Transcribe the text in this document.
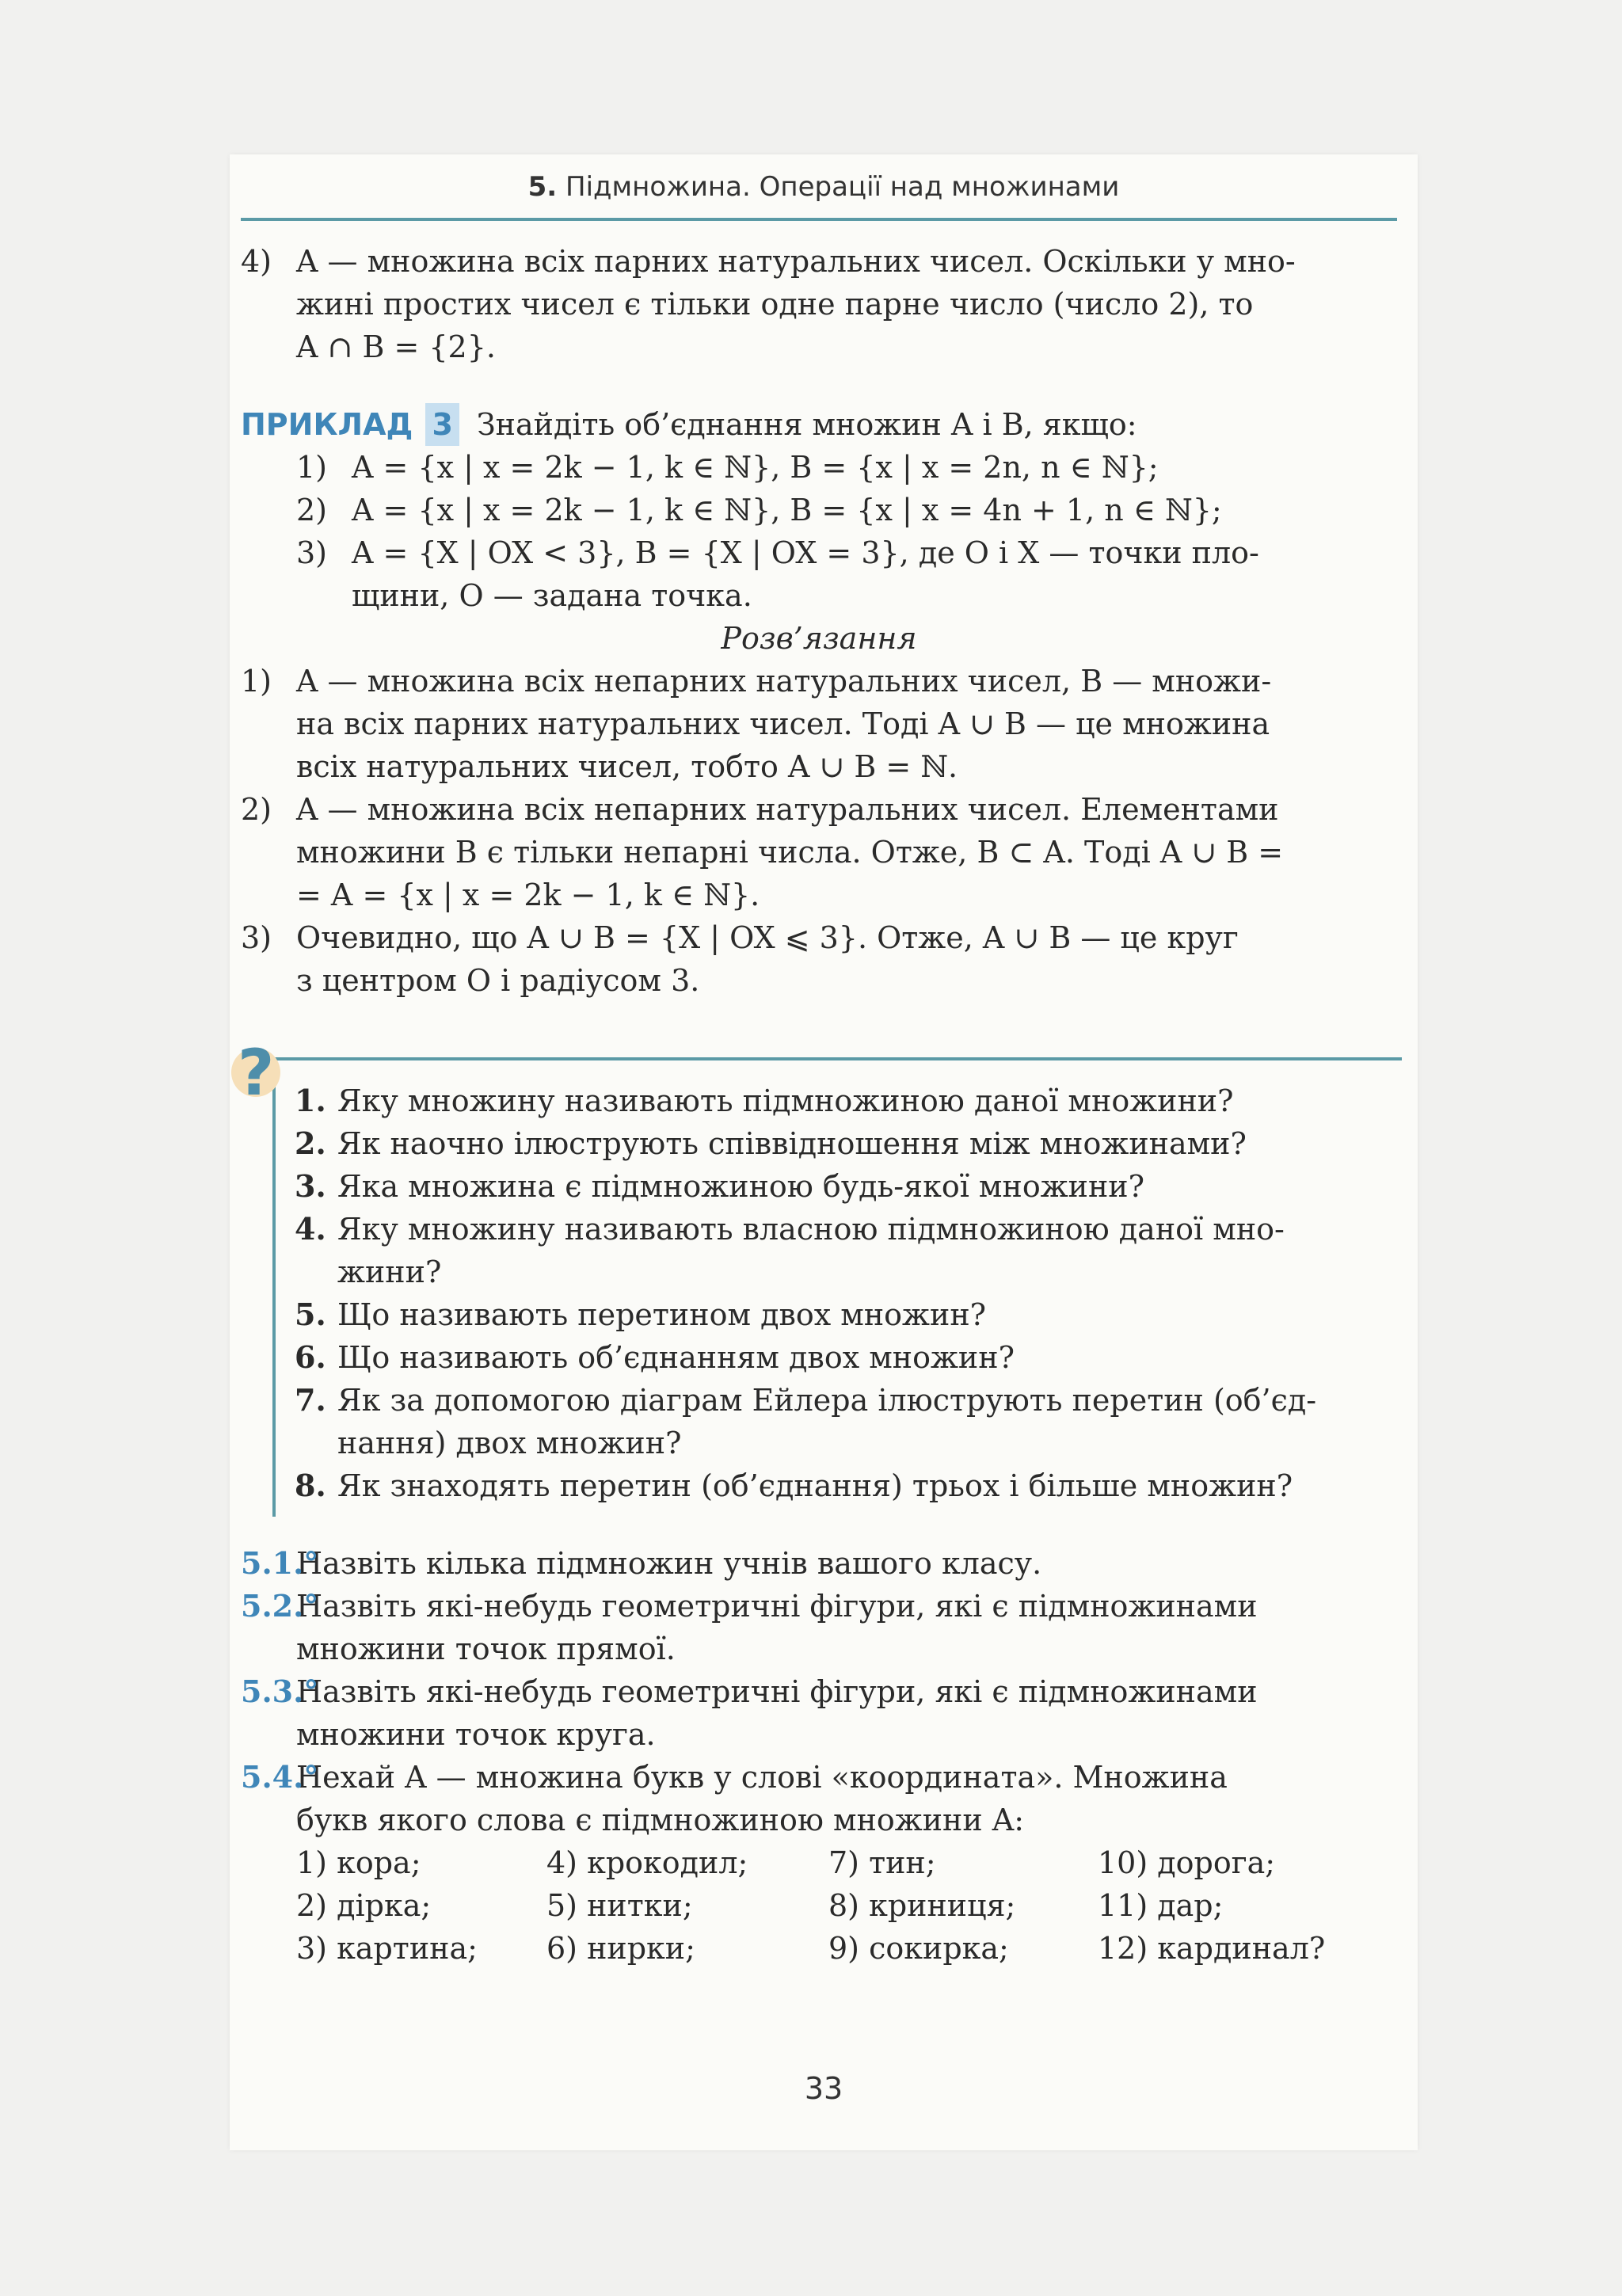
5. Підмножина. Операції над множинами
4) A — множина всіх парних натуральних чисел. Оскільки у мно-
жині простих чисел є тільки одне парне число (число 2), то
A ∩ B = {2}.
ПРИКЛАД 3 Знайдіть об’єднання множин A і B, якщо:
1) A = {x | x = 2k − 1, k ∈ ℕ}, B = {x | x = 2n, n ∈ ℕ};
2) A = {x | x = 2k − 1, k ∈ ℕ}, B = {x | x = 4n + 1, n ∈ ℕ};
3) A = {X | OX < 3}, B = {X | OX = 3}, де O і X — точки пло-
щини, O — задана точка.
Розв’язання
1) A — множина всіх непарних натуральних чисел, B — множи-
на всіх парних натуральних чисел. Тоді A ∪ B — це множина
всіх натуральних чисел, тобто A ∪ B = ℕ.
2) A — множина всіх непарних натуральних чисел. Елементами
множини B є тільки непарні числа. Отже, B ⊂ A. Тоді A ∪ B =
= A = {x | x = 2k − 1, k ∈ ℕ}.
3) Очевидно, що A ∪ B = {X | OX ⩽ 3}. Отже, A ∪ B — це круг
з центром O і радіусом 3.
? 1. Яку множину називають підмножиною даної множини?
2. Як наочно ілюструють співвідношення між множинами?
3. Яка множина є підмножиною будь-якої множини?
4. Яку множину називають власною підмножиною даної мно-
жини?
5. Що називають перетином двох множин?
6. Що називають об’єднанням двох множин?
7. Як за допомогою діаграм Ейлера ілюструють перетин (об’єд-
нання) двох множин?
8. Як знаходять перетин (об’єднання) трьох і більше множин?
5.1.°
Назвіть кілька підмножин учнів вашого класу.
5.2.°
Назвіть які-небудь геометричні фігури, які є підмножинами
множини точок прямої.
5.3.°
Назвіть які-небудь геометричні фігури, які є підмножинами
множини точок круга.
5.4.°
Нехай A — множина букв у слові «координата». Множина
букв якого слова є підмножиною множини A:
1) кора;	4) крокодил;	7) тин;	10) дорога;
2) дірка;	5) нитки;	8) криниця;	11) дар;
3) картина;	6) нирки;	9) сокирка;	12) кардинал?
33
